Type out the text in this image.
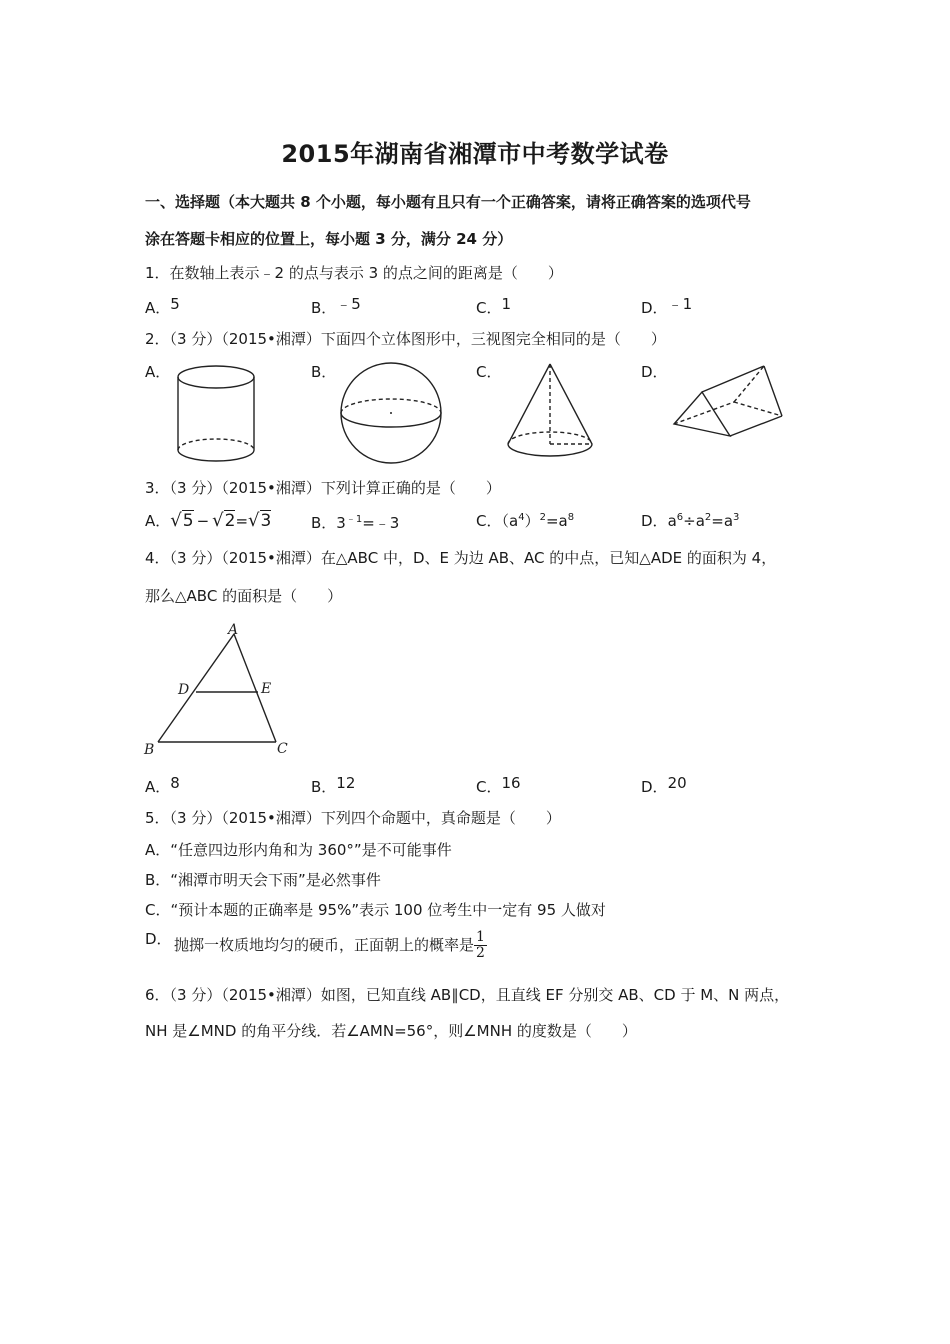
2015年湖南省湘潭市中考数学试卷
一、选择题（本大题共 8 个小题，每小题有且只有一个正确答案，请将正确答案的选项代号
涂在答题卡相应的位置上，每小题 3 分，满分 24 分）
1．在数轴上表示﹣2 的点与表示 3 的点之间的距离是（　　）
A．5	B．﹣5	C．1	D．﹣1
2．（3 分）（2015•湘潭）下面四个立体图形中，三视图完全相同的是（　　）
A．	B．	C．	D．
3．（3 分）（2015•湘潭）下列计算正确的是（　　）
A．√5 − √2=√3	B．$3^{﹣1}=﹣3$	C．$(a^4)^2=a^8$	D．$a^6\div a^2=a^3$
4．（3 分）（2015•湘潭）在△ABC 中，D、E 为边 AB、AC 的中点，已知△ADE 的面积为 4，
那么△ABC 的面积是（　　）
A
B	C
D	E
A．8	B．12	C．16	D．20
5．（3 分）（2015•湘潭）下列四个命题中，真命题是（　　）
A．“任意四边形内角和为 360°”是不可能事件
B．“湘潭市明天会下雨”是必然事件
C．“预计本题的正确率是 95%”表示 100 位考生中一定有 95 人做对
D． 抛掷一枚质地均匀的硬币，正面朝上的概率是 $\frac{1}{2}$
6．（3 分）（2015•湘潭）如图，已知直线 AB∥CD，且直线 EF 分别交 AB、CD 于 M、N 两点，
NH 是∠MND 的角平分线．若∠AMN=56°，则∠MNH 的度数是（　　）
